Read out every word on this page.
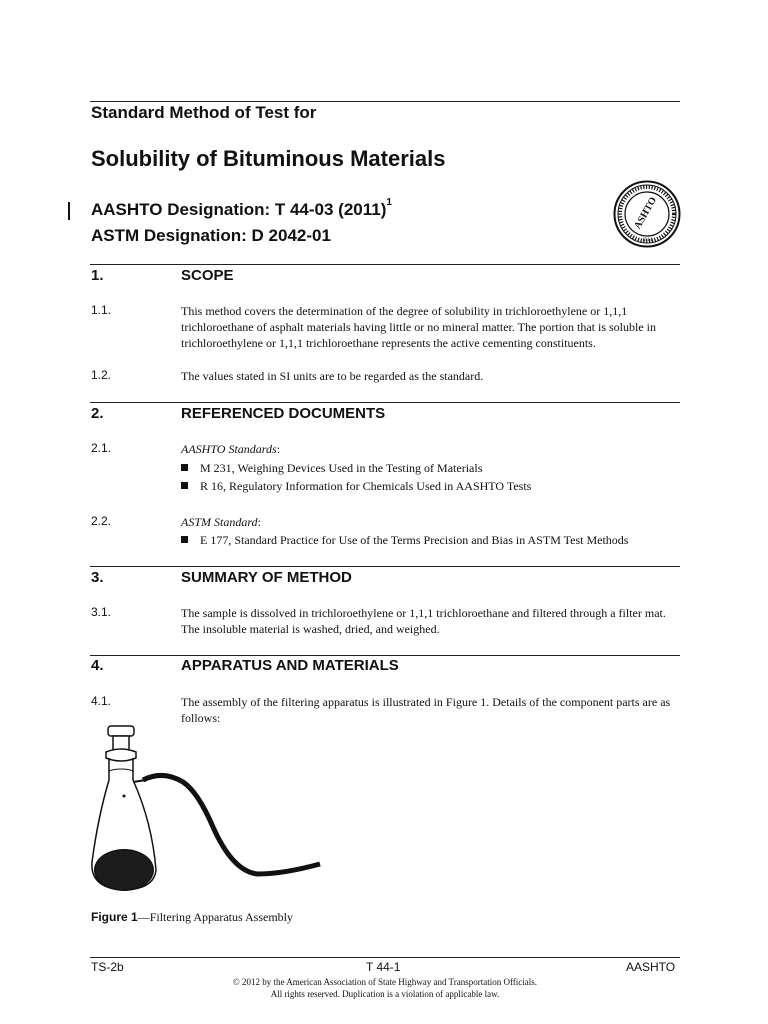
Standard Method of Test for
Solubility of Bituminous Materials
AASHTO Designation: T 44-03 $(2011)^1$
ASTM Designation: D 2042-01
ASHTO
1914
1.	SCOPE
1.1.	This method covers the determination of the degree of solubility in trichloroethylene or 1,1,1 trichloroethane of asphalt materials having little or no mineral matter. The portion that is soluble in trichloroethylene or 1,1,1 trichloroethane represents the active cementing constituents.
1.2.	The values stated in SI units are to be regarded as the standard.
2.	REFERENCED DOCUMENTS
2.1.	AASHTO Standards:
M 231, Weighing Devices Used in the Testing of Materials
R 16, Regulatory Information for Chemicals Used in AASHTO Tests
2.2.	ASTM Standard:
E 177, Standard Practice for Use of the Terms Precision and Bias in ASTM Test Methods
3.	SUMMARY OF METHOD
3.1.	The sample is dissolved in trichloroethylene or 1,1,1 trichloroethane and filtered through a filter mat. The insoluble material is washed, dried, and weighed.
4.	APPARATUS AND MATERIALS
4.1.	The assembly of the filtering apparatus is illustrated in Figure 1. Details of the component parts are as follows:
Figure 1—Filtering Apparatus Assembly
TS-2b	T 44-1	AASHTO
© 2012 by the American Association of State Highway and Transportation Officials.
All rights reserved. Duplication is a violation of applicable law.
